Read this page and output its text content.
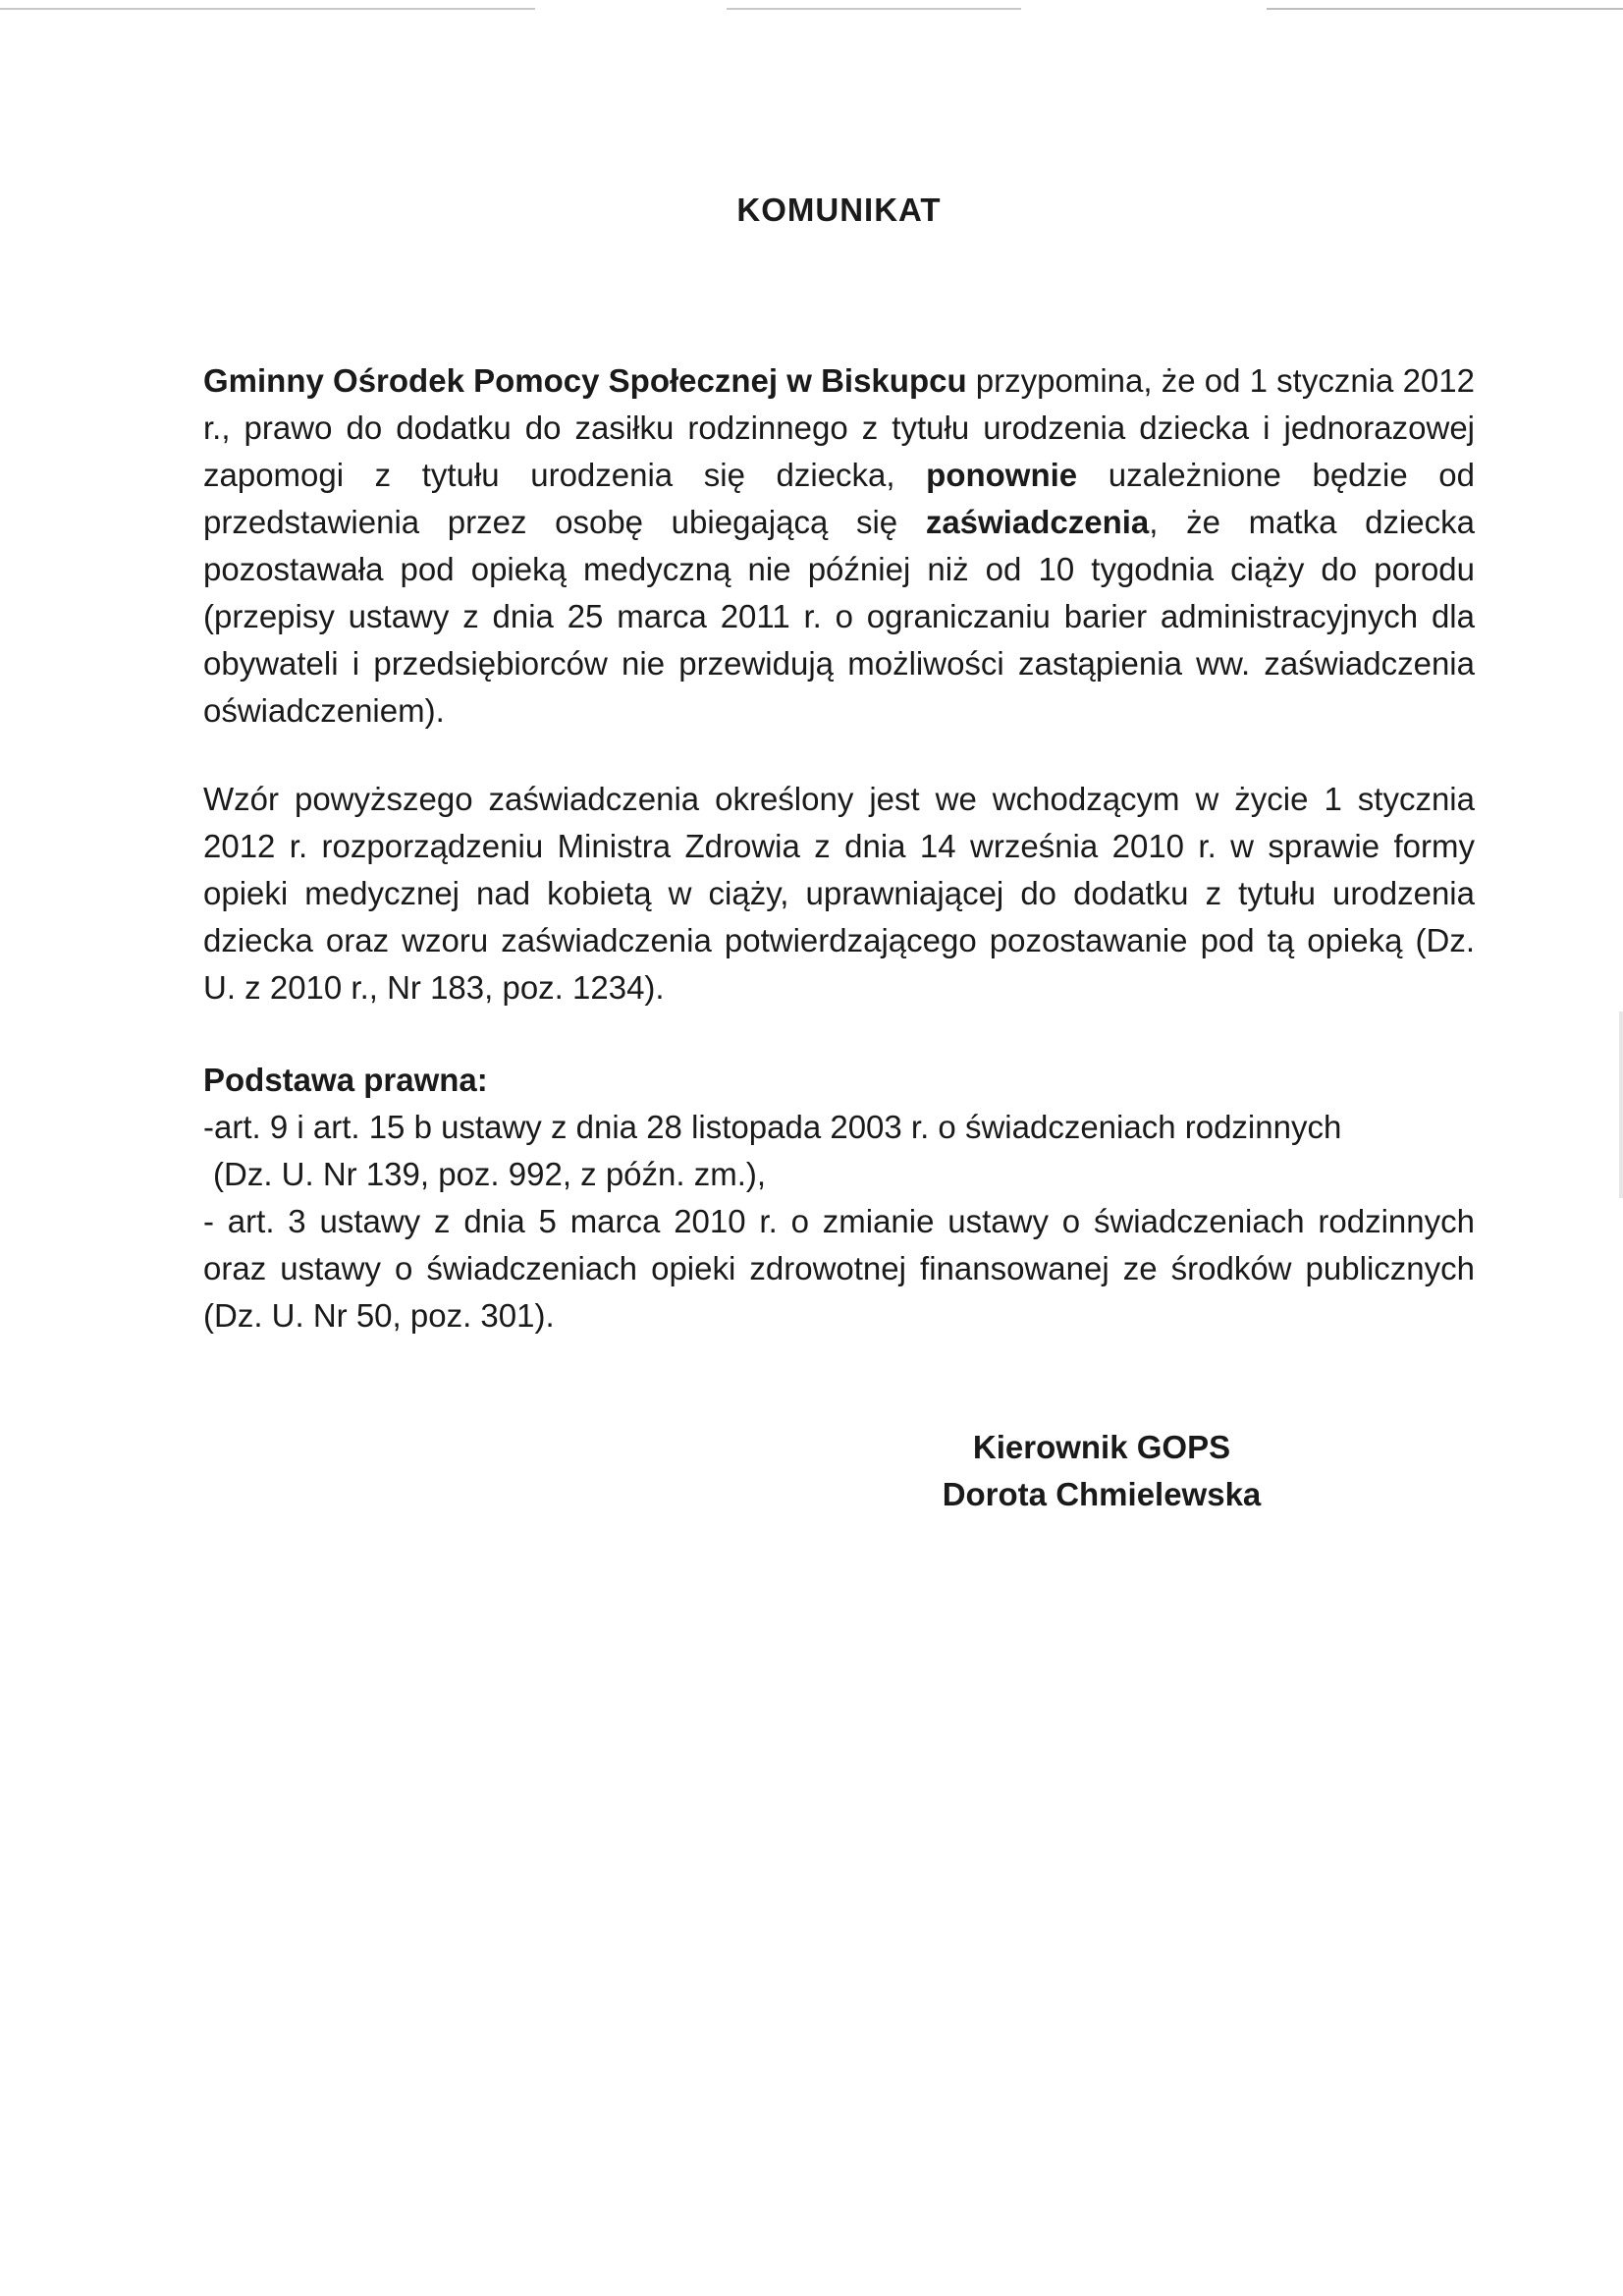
KOMUNIKAT

Gminny Ośrodek Pomocy Społecznej w Biskupcu przypomina, że od 1 stycznia 2012 r., prawo do dodatku do zasiłku rodzinnego z tytułu urodzenia dziecka i jednorazowej zapomogi z tytułu urodzenia się dziecka, ponownie uzależnione będzie od przedstawienia przez osobę ubiegającą się zaświadczenia, że matka dziecka pozostawała pod opieką medyczną nie później niż od 10 tygodnia ciąży do porodu (przepisy ustawy z dnia 25 marca 2011 r. o ograniczaniu barier administracyjnych dla obywateli i przedsiębiorców nie przewidują możliwości zastąpienia ww. zaświadczenia oświadczeniem).

Wzór powyższego zaświadczenia określony jest we wchodzącym w życie 1 stycznia 2012 r. rozporządzeniu Ministra Zdrowia z dnia 14 września 2010 r. w sprawie formy opieki medycznej nad kobietą w ciąży, uprawniającej do dodatku z tytułu urodzenia dziecka oraz wzoru zaświadczenia potwierdzającego pozostawanie pod tą opieką (Dz. U. z 2010 r., Nr 183, poz. 1234).

Podstawa prawna:
-art. 9 i art. 15 b ustawy z dnia 28 listopada 2003 r. o świadczeniach rodzinnych
(Dz. U. Nr 139, poz. 992, z późn. zm.),
- art. 3 ustawy z dnia 5 marca 2010 r. o zmianie ustawy o świadczeniach rodzinnych oraz ustawy o świadczeniach opieki zdrowotnej finansowanej ze środków publicznych (Dz. U. Nr 50, poz. 301).
Kierownik GOPS
Dorota Chmielewska
